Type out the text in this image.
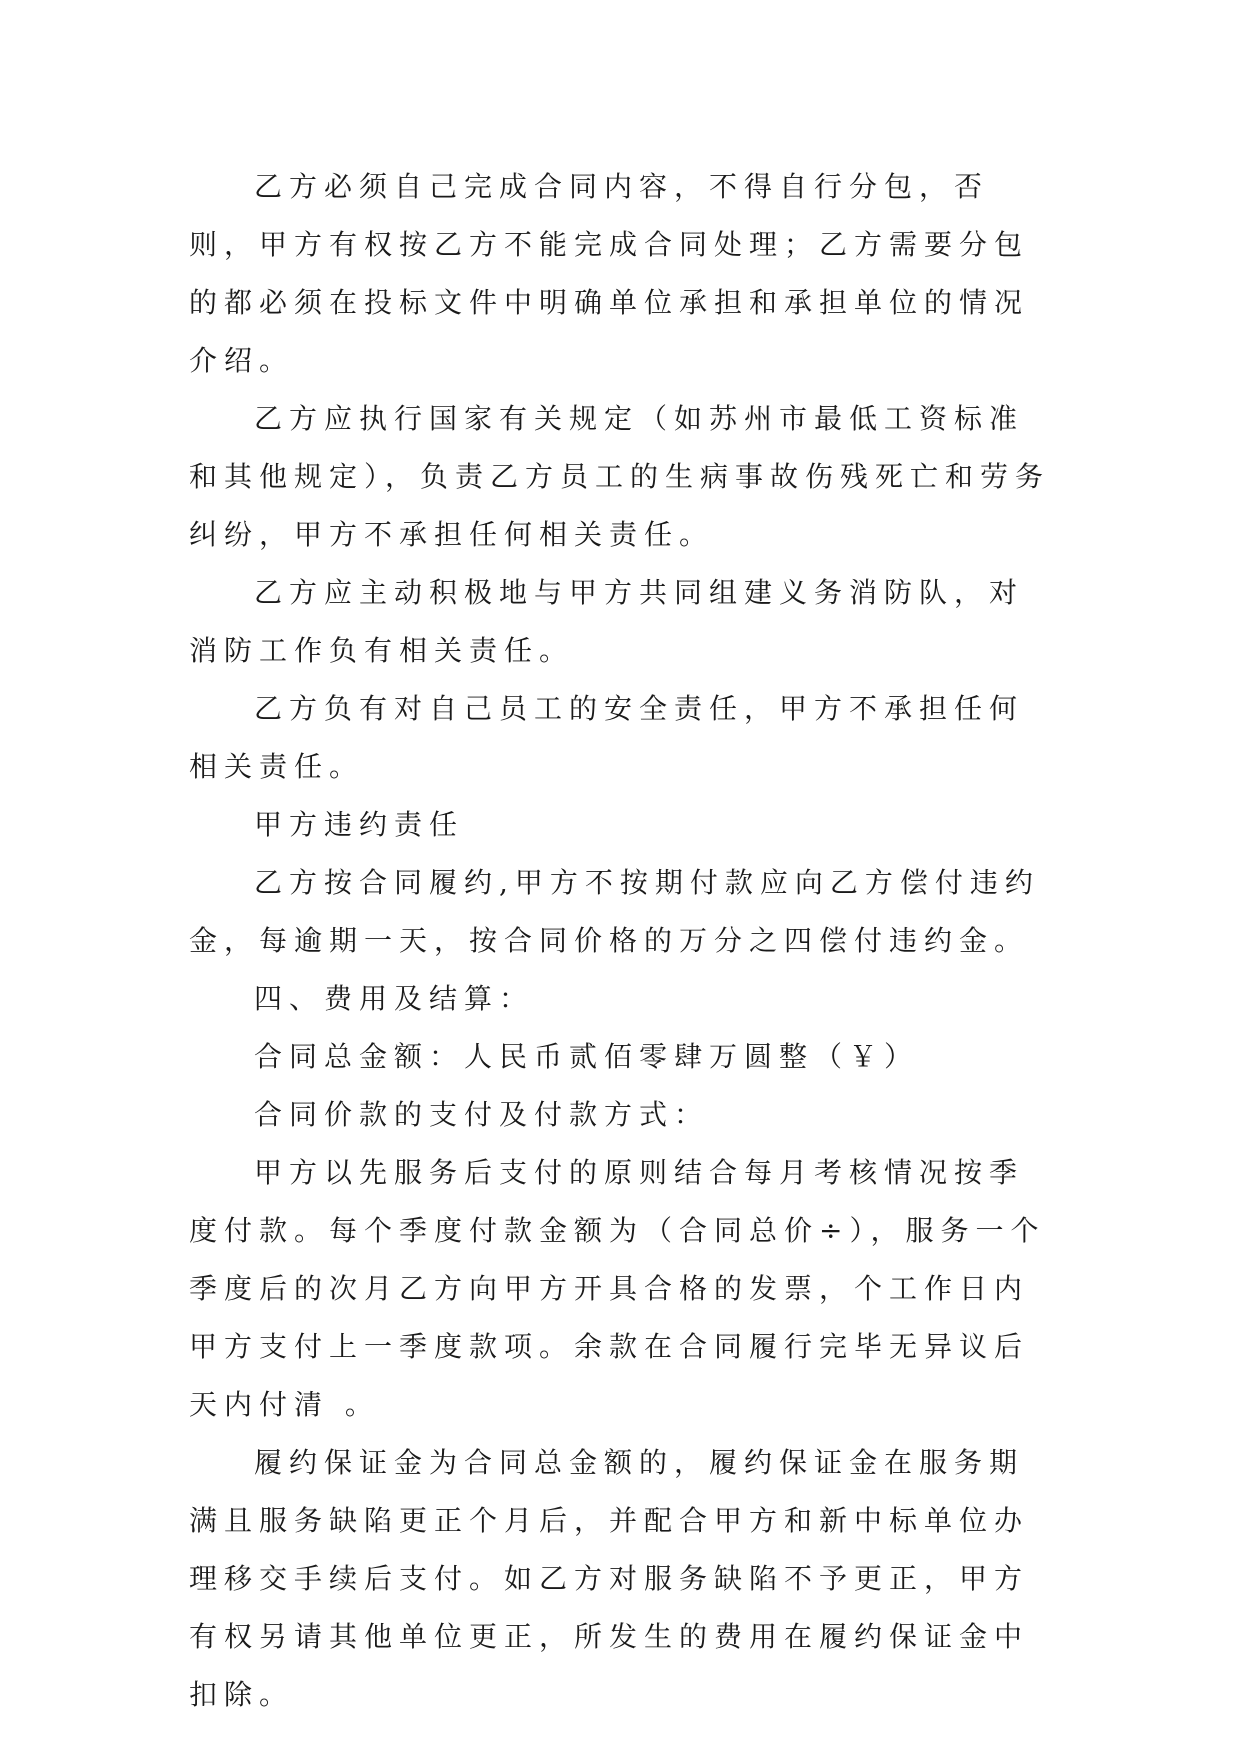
乙方必须自己完成合同内容，不得自行分包，否则，甲方有权按乙方不能完成合同处理；乙方需要分包的都必须在投标文件中明确单位承担和承担单位的情况介绍。

乙方应执行国家有关规定（如苏州市最低工资标准和其他规定），负责乙方员工的生病事故伤残死亡和劳务纠纷，甲方不承担任何相关责任。

乙方应主动积极地与甲方共同组建义务消防队，对消防工作负有相关责任。

乙方负有对自己员工的安全责任，甲方不承担任何相关责任。

甲方违约责任

乙方按合同履约,甲方不按期付款应向乙方偿付违约金，每逾期一天，按合同价格的万分之四偿付违约金。

四、费用及结算：

合同总金额：人民币贰佰零肆万圆整（￥）

合同价款的支付及付款方式：

甲方以先服务后支付的原则结合每月考核情况按季度付款。每个季度付款金额为（合同总价÷），服务一个季度后的次月乙方向甲方开具合格的发票，个工作日内甲方支付上一季度款项。余款在合同履行完毕无异议后天内付清 。

履约保证金为合同总金额的，履约保证金在服务期满且服务缺陷更正个月后，并配合甲方和新中标单位办理移交手续后支付。如乙方对服务缺陷不予更正，甲方有权另请其他单位更正，所发生的费用在履约保证金中扣除。
